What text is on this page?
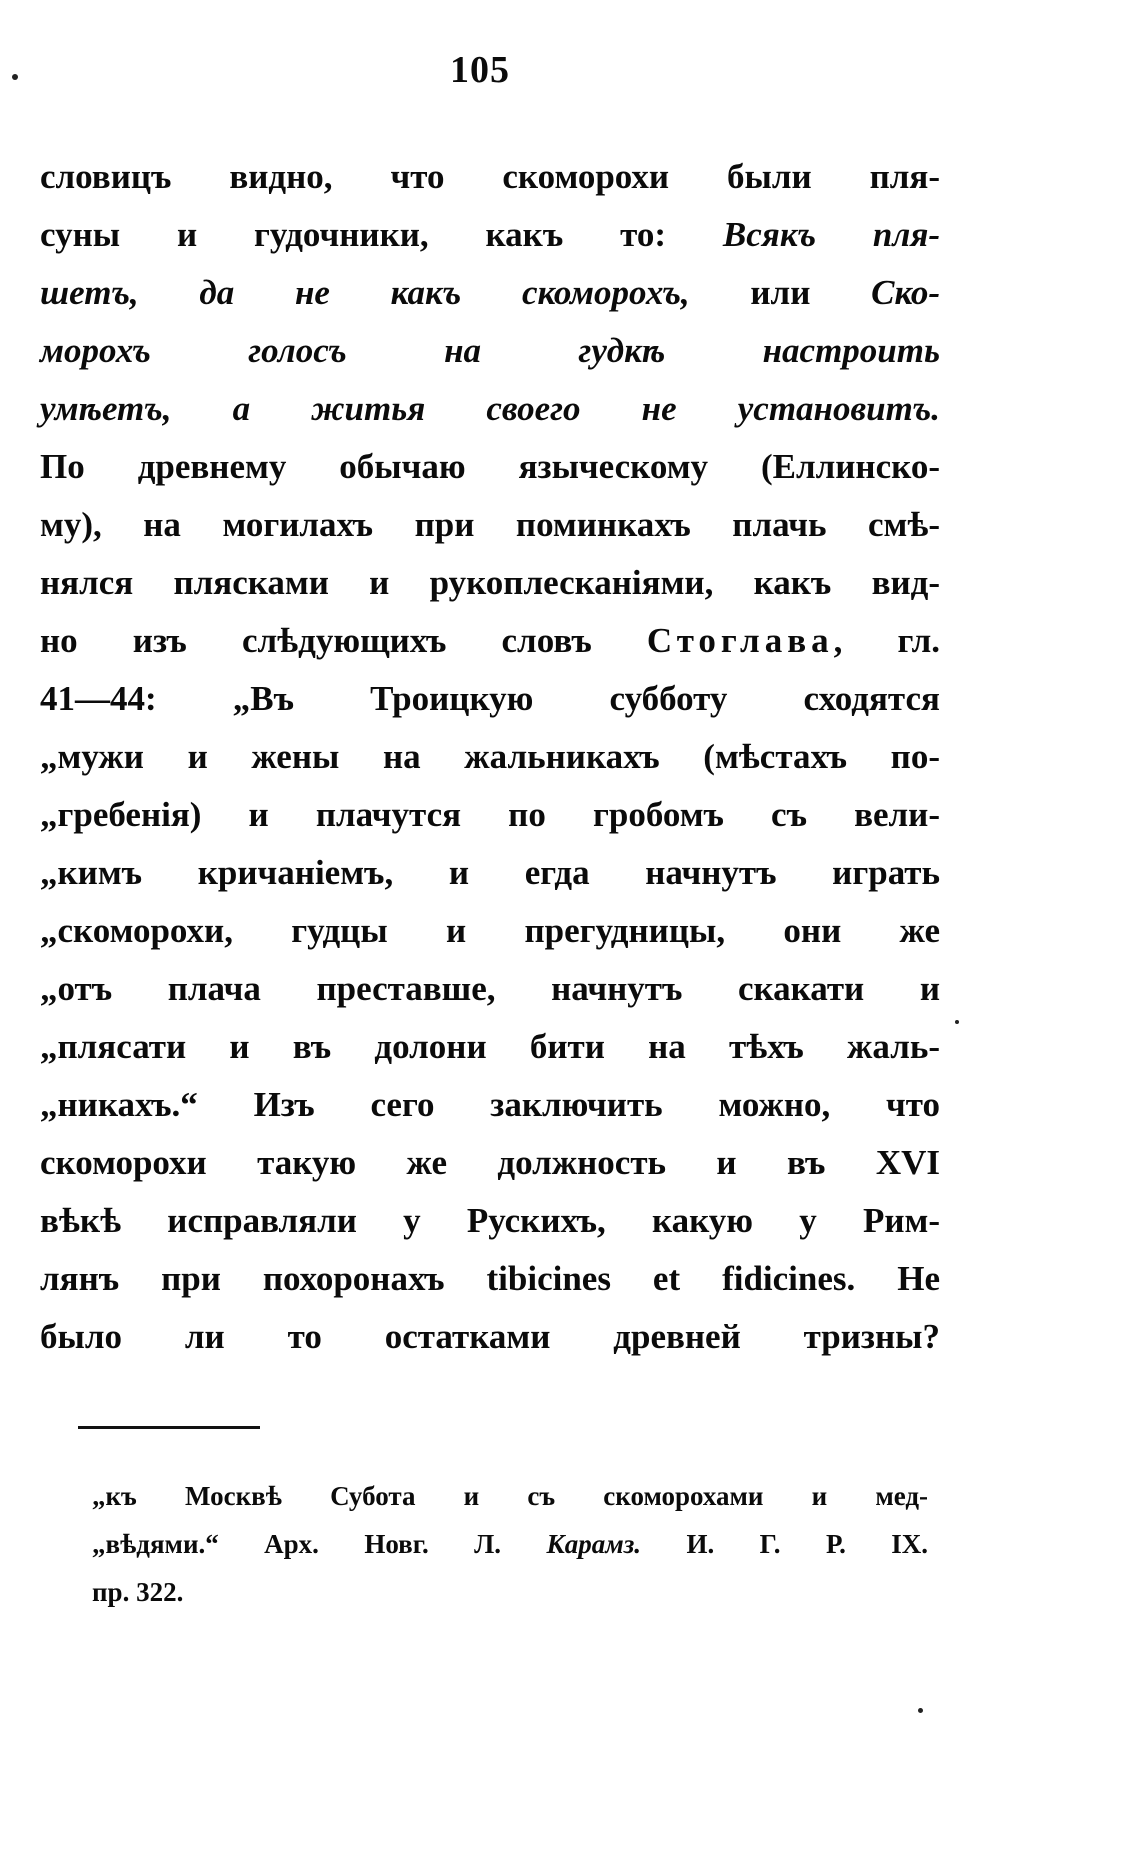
105
словицъ видно, что скоморохи были пля-
суны и гудочники, какъ то: Всякъ пля-
шетъ, да не какъ скоморохъ, или Ско-
морохъ голосъ на гудкѣ настроить
умѣетъ, а житья своего не установитъ.
По древнему обычаю языческому (Еллинско-
му), на могилахъ при поминкахъ плачь смѣ-
нялся плясками и рукоплесканіями, какъ вид-
но изъ слѣдующихъ словъ Стоглава, гл.
41—44: „Въ Троицкую субботу сходятся
„мужи и жены на жальникахъ (мѣстахъ по-
„гребенія) и плачутся по гробомъ съ вели-
„кимъ кричаніемъ, и егда начнутъ играть
„скоморохи, гудцы и прегудницы, они же
„отъ плача преставше, начнутъ скакати и
„плясати и въ долони бити на тѣхъ жаль-
„никахъ.“ Изъ сего заключить можно, что
скоморохи такую же должность и въ XVI
вѣкѣ исправляли у Рускихъ, какую у Рим-
лянъ при похоронахъ tibicines et fidicines. Не
было ли то остатками древней тризны?
„къ Москвѣ Субота и съ скоморохами и мед-
„вѣдями.“ Арх. Новг. Л. Карамз. И. Г. Р. IX.
пр. 322.
